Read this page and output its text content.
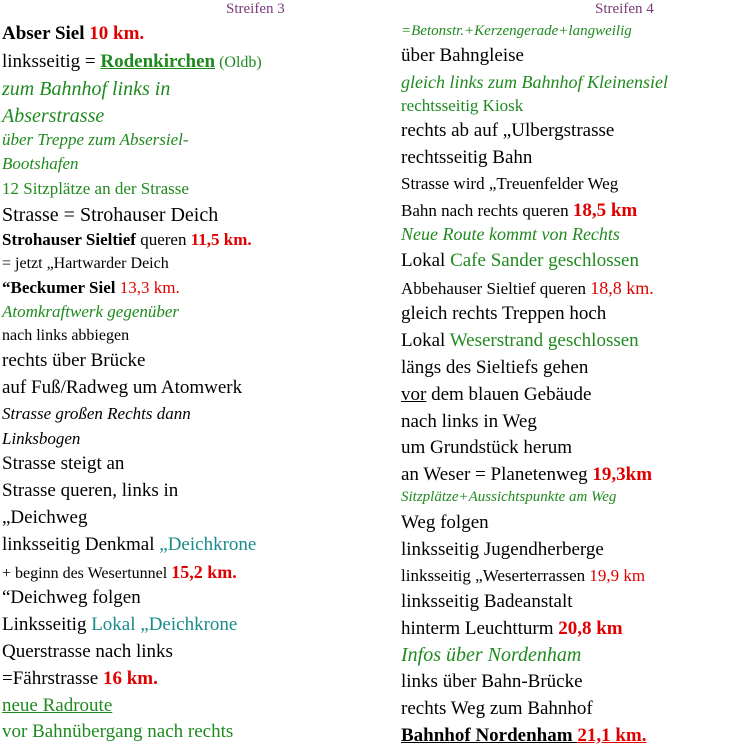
Streifen 3
Abser Siel 10 km.
linksseitig = Rodenkirchen (Oldb)
zum Bahnhof links in
Abserstrasse
über Treppe zum Absersiel-
Bootshafen
12 Sitzplätze an der Strasse
Strasse = Strohauser Deich
Strohauser Sieltief queren 11,5 km.
= jetzt „Hartwarder Deich
“Beckumer Siel 13,3 km.
Atomkraftwerk gegenüber
nach links abbiegen
rechts über Brücke
auf Fuß/Radweg um Atomwerk
Strasse großen Rechts dann
Linksbogen
Strasse steigt an
Strasse queren, links in
„Deichweg
linksseitig Denkmal „Deichkrone
+ beginn des Wesertunnel 15,2 km.
“Deichweg folgen
Linksseitig Lokal „Deichkrone
Querstrasse nach links
=Fährstrasse 16 km.
neue Radroute
vor Bahnübergang nach rechts
Streifen 4
=Betonstr.+Kerzengerade+langweilig
über Bahngleise
gleich links zum Bahnhof Kleinensiel
rechtsseitig Kiosk
rechts ab auf „Ulbergstrasse
rechtsseitig Bahn
Strasse wird „Treuenfelder Weg
Bahn nach rechts queren 18,5 km
Neue Route kommt von Rechts
Lokal Cafe Sander geschlossen
Abbehauser Sieltief queren 18,8 km.
gleich rechts Treppen hoch
Lokal Weserstrand geschlossen
längs des Sieltiefs gehen
vor dem blauen Gebäude
nach links in Weg
um Grundstück herum
an Weser = Planetenweg 19,3km
Sitzplätze+Aussichtspunkte am Weg
Weg folgen
linksseitig Jugendherberge
linksseitig „Weserterrassen 19,9 km
linksseitig Badeanstalt
hinterm Leuchtturm 20,8 km
Infos über Nordenham
links über Bahn-Brücke
rechts Weg zum Bahnhof
Bahnhof Nordenham 21,1 km.
